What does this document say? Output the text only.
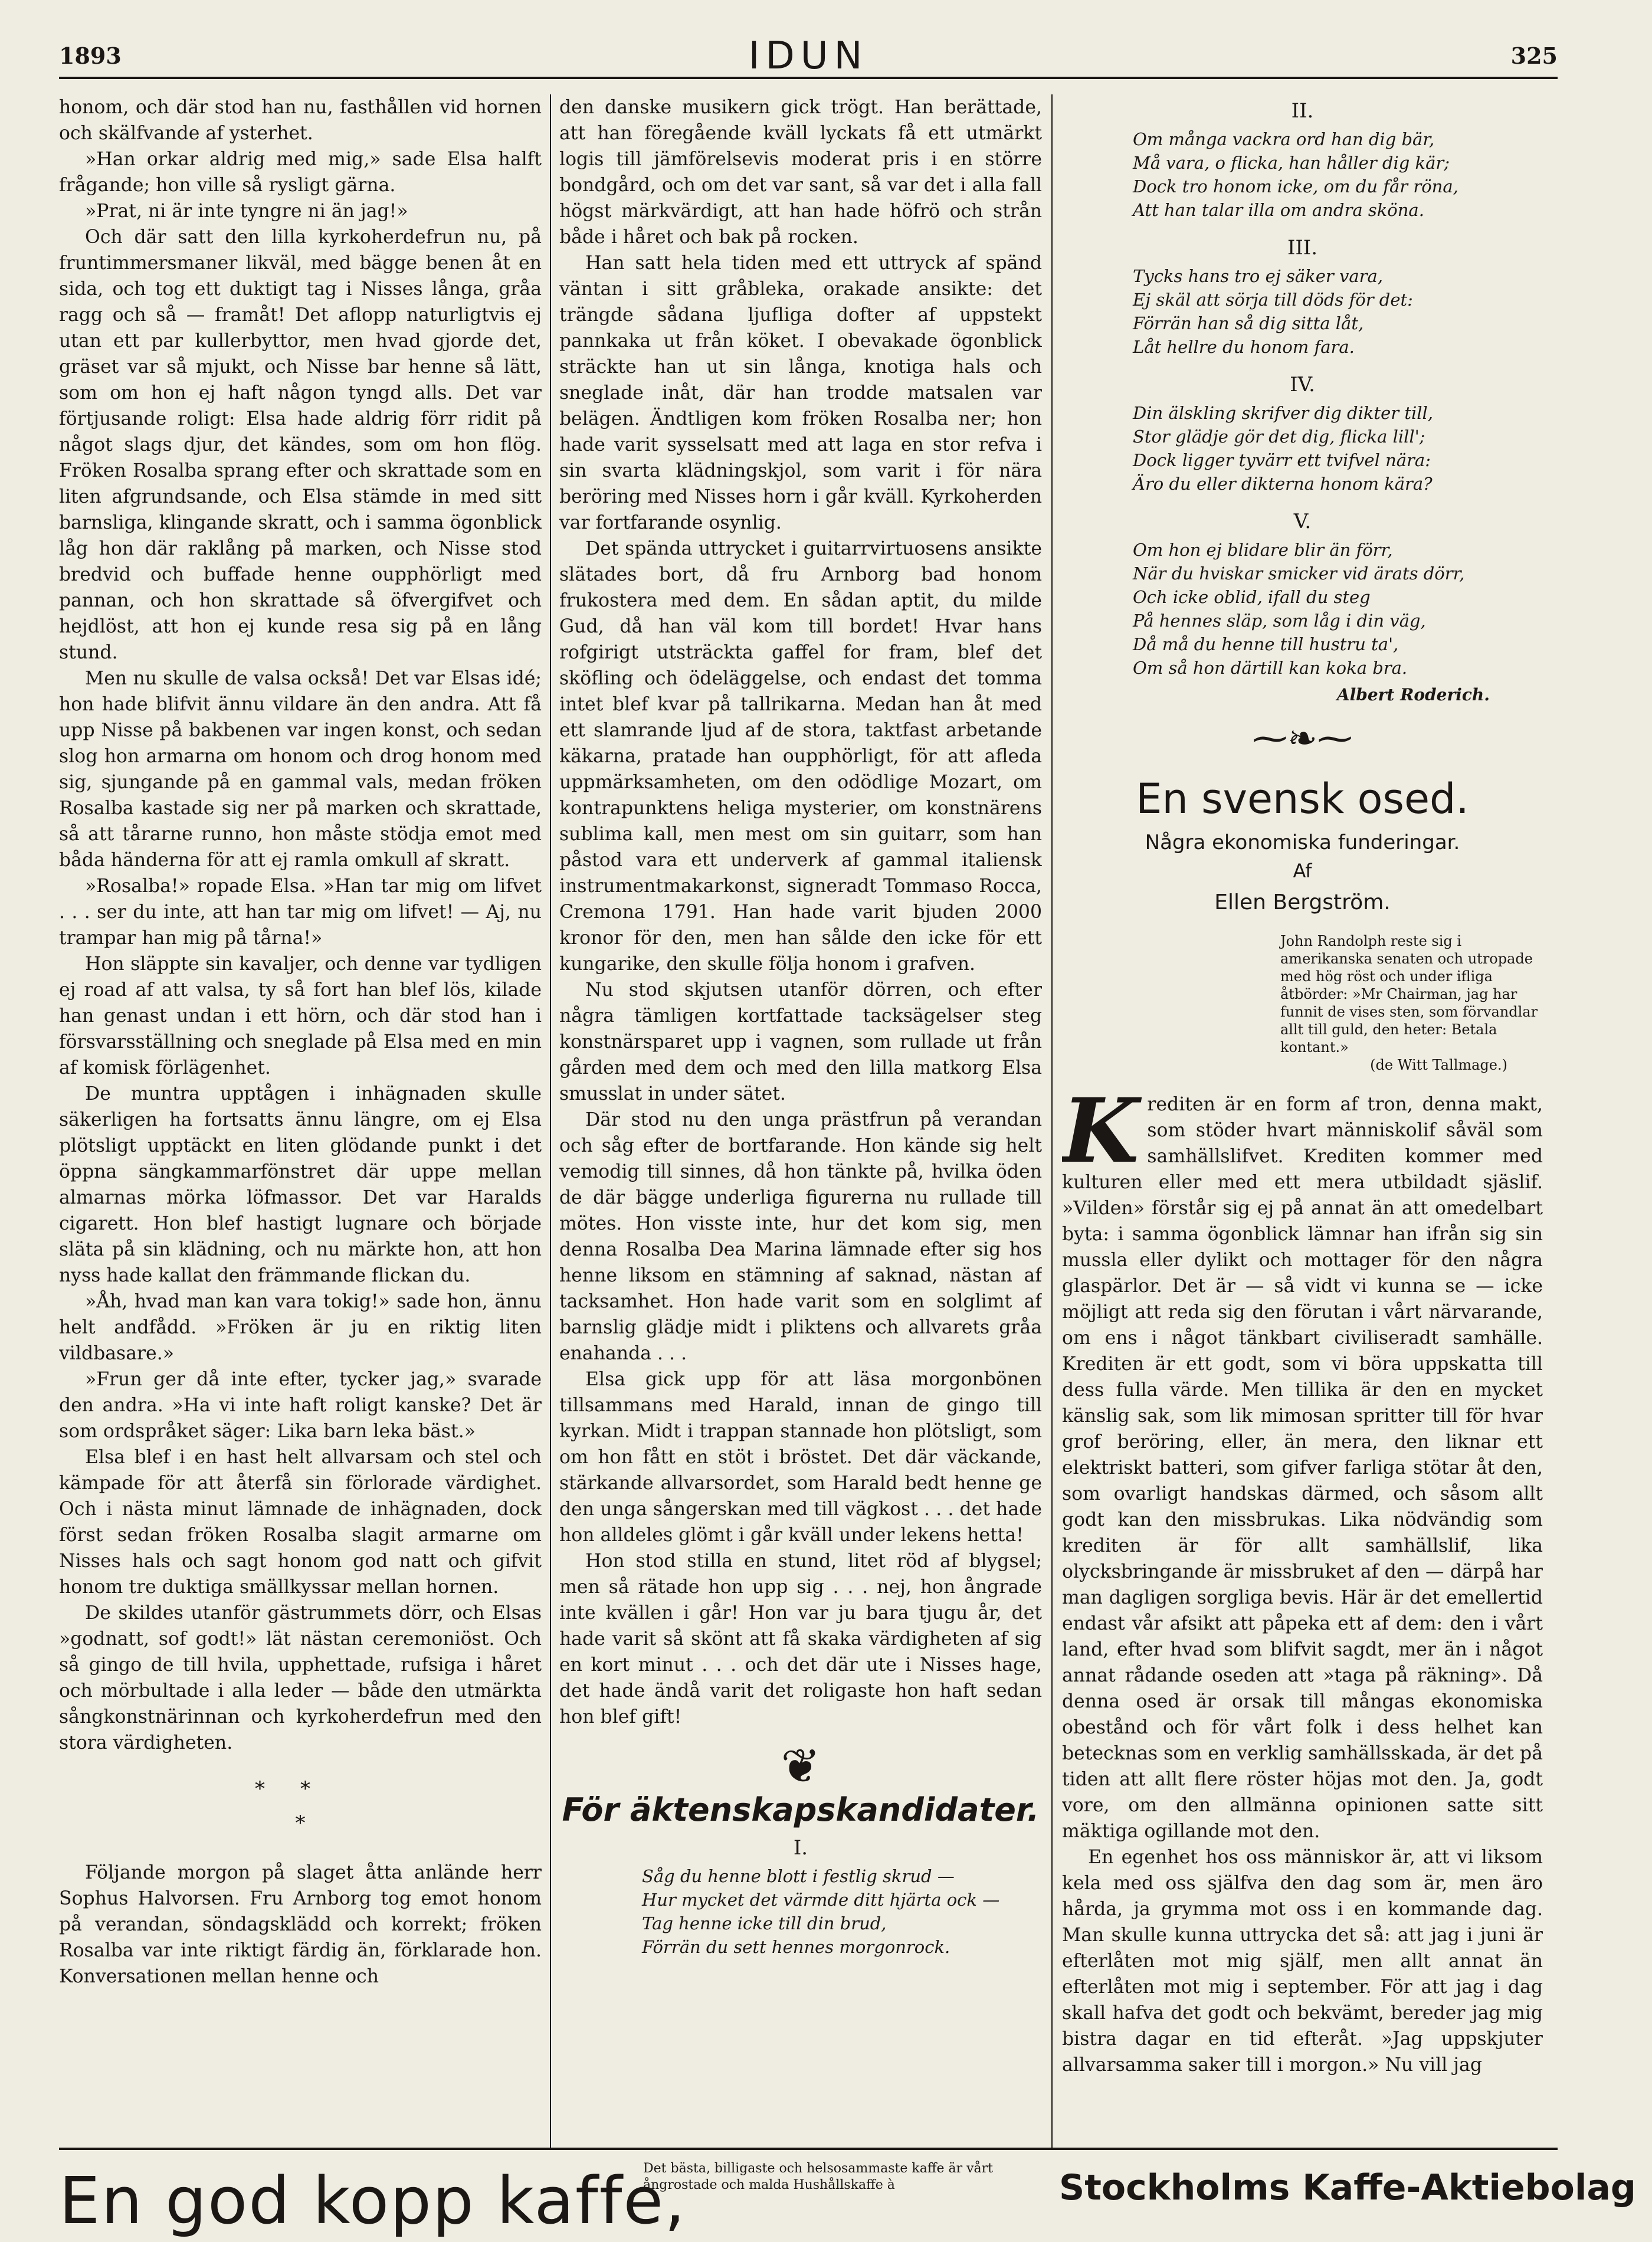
1893	IDUN	325

honom, och där stod han nu, fasthållen vid hornen och skälfvande af ysterhet.

»Han orkar aldrig med mig,» sade Elsa halft frågande; hon ville så rysligt gärna.

»Prat, ni är inte tyngre ni än jag!»

Och där satt den lilla kyrkoherdefrun nu, på fruntimmersmaner likväl, med bägge benen åt en sida, och tog ett duktigt tag i Nisses långa, gråa ragg och så — framåt! Det aflopp naturligtvis ej utan ett par kullerbyttor, men hvad gjorde det, gräset var så mjukt, och Nisse bar henne så lätt, som om hon ej haft någon tyngd alls. Det var förtjusande roligt: Elsa hade aldrig förr ridit på något slags djur, det kändes, som om hon flög. Fröken Rosalba sprang efter och skrattade som en liten afgrundsande, och Elsa stämde in med sitt barnsliga, klingande skratt, och i samma ögonblick låg hon där raklång på marken, och Nisse stod bredvid och buffade henne oupphörligt med pannan, och hon skrattade så öfvergifvet och hejdlöst, att hon ej kunde resa sig på en lång stund.

Men nu skulle de valsa också! Det var Elsas idé; hon hade blifvit ännu vildare än den andra. Att få upp Nisse på bakbenen var ingen konst, och sedan slog hon armarna om honom och drog honom med sig, sjungande på en gammal vals, medan fröken Rosalba kastade sig ner på marken och skrattade, så att tårarne runno, hon måste stödja emot med båda händerna för att ej ramla omkull af skratt.

»Rosalba!» ropade Elsa. »Han tar mig om lifvet . . . ser du inte, att han tar mig om lifvet! — Aj, nu trampar han mig på tårna!»

Hon släppte sin kavaljer, och denne var tydligen ej road af att valsa, ty så fort han blef lös, kilade han genast undan i ett hörn, och där stod han i försvarsställning och sneglade på Elsa med en min af komisk förlägenhet.

De muntra upptågen i inhägnaden skulle säkerligen ha fortsatts ännu längre, om ej Elsa plötsligt upptäckt en liten glödande punkt i det öppna sängkammarfönstret där uppe mellan almarnas mörka löfmassor. Det var Haralds cigarett. Hon blef hastigt lugnare och började släta på sin klädning, och nu märkte hon, att hon nyss hade kallat den främmande flickan du.

»Åh, hvad man kan vara tokig!» sade hon, ännu helt andfådd. »Fröken är ju en riktig liten vildbasare.»

»Frun ger då inte efter, tycker jag,» svarade den andra. »Ha vi inte haft roligt kanske? Det är som ordspråket säger: Lika barn leka bäst.»

Elsa blef i en hast helt allvarsam och stel och kämpade för att återfå sin förlorade värdighet. Och i nästa minut lämnade de inhägnaden, dock först sedan fröken Rosalba slagit armarne om Nisses hals och sagt honom god natt och gifvit honom tre duktiga smällkyssar mellan hornen.

De skildes utanför gästrummets dörr, och Elsas »godnatt, sof godt!» lät nästan ceremoniöst. Och så gingo de till hvila, upphettade, rufsiga i håret och mörbultade i alla leder — både den utmärkta sångkonstnärinnan och kyrkoherdefrun med den stora värdigheten.

**
*

Följande morgon på slaget åtta anlände herr Sophus Halvorsen. Fru Arnborg tog emot honom på verandan, söndagsklädd och korrekt; fröken Rosalba var inte riktigt färdig än, förklarade hon. Konversationen mellan henne och

den danske musikern gick trögt. Han berättade, att han föregående kväll lyckats få ett utmärkt logis till jämförelsevis moderat pris i en större bondgård, och om det var sant, så var det i alla fall högst märkvärdigt, att han hade höfrö och strån både i håret och bak på rocken.

Han satt hela tiden med ett uttryck af spänd väntan i sitt gråbleka, orakade ansikte: det trängde sådana ljufliga dofter af uppstekt pannkaka ut från köket. I obevakade ögonblick sträckte han ut sin långa, knotiga hals och sneglade inåt, där han trodde matsalen var belägen. Ändtligen kom fröken Rosalba ner; hon hade varit sysselsatt med att laga en stor refva i sin svarta klädningskjol, som varit i för nära beröring med Nisses horn i går kväll. Kyrkoherden var fortfarande osynlig.

Det spända uttrycket i guitarrvirtuosens ansikte slätades bort, då fru Arnborg bad honom frukostera med dem. En sådan aptit, du milde Gud, då han väl kom till bordet! Hvar hans rofgirigt utsträckta gaffel for fram, blef det sköfling och ödeläggelse, och endast det tomma intet blef kvar på tallrikarna. Medan han åt med ett slamrande ljud af de stora, taktfast arbetande käkarna, pratade han oupphörligt, för att afleda uppmärksamheten, om den odödlige Mozart, om kontrapunktens heliga mysterier, om konstnärens sublima kall, men mest om sin guitarr, som han påstod vara ett underverk af gammal italiensk instrumentmakarkonst, signeradt Tommaso Rocca, Cremona 1791. Han hade varit bjuden 2000 kronor för den, men han sålde den icke för ett kungarike, den skulle följa honom i grafven.

Nu stod skjutsen utanför dörren, och efter några tämligen kortfattade tacksägelser steg konstnärsparet upp i vagnen, som rullade ut från gården med dem och med den lilla matkorg Elsa smusslat in under sätet.

Där stod nu den unga prästfrun på verandan och såg efter de bortfarande. Hon kände sig helt vemodig till sinnes, då hon tänkte på, hvilka öden de där bägge underliga figurerna nu rullade till mötes. Hon visste inte, hur det kom sig, men denna Rosalba Dea Marina lämnade efter sig hos henne liksom en stämning af saknad, nästan af tacksamhet. Hon hade varit som en solglimt af barnslig glädje midt i pliktens och allvarets gråa enahanda . . .

Elsa gick upp för att läsa morgonbönen tillsammans med Harald, innan de gingo till kyrkan. Midt i trappan stannade hon plötsligt, som om hon fått en stöt i bröstet. Det där väckande, stärkande allvarsordet, som Harald bedt henne ge den unga sångerskan med till vägkost . . . det hade hon alldeles glömt i går kväll under lekens hetta!

Hon stod stilla en stund, litet röd af blygsel; men så rätade hon upp sig . . . nej, hon ångrade inte kvällen i går! Hon var ju bara tjugu år, det hade varit så skönt att få skaka värdigheten af sig en kort minut . . . och det där ute i Nisses hage, det hade ändå varit det roligaste hon haft sedan hon blef gift!

❦
För äktenskapskandidater.
I.
Såg du henne blott i festlig skrud —
Hur mycket det värmde ditt hjärta ock —
Tag henne icke till din brud,
Förrän du sett hennes morgonrock.
II.
Om många vackra ord han dig bär,
Må vara, o flicka, han håller dig kär;
Dock tro honom icke, om du får röna,
Att han talar illa om andra sköna.
III.
Tycks hans tro ej säker vara,
Ej skäl att sörja till döds för det:
Förrän han så dig sitta låt,
Låt hellre du honom fara.
IV.
Din älskling skrifver dig dikter till,
Stor glädje gör det dig, flicka lill';
Dock ligger tyvärr ett tvifvel nära:
Äro du eller dikterna honom kära?
V.
Om hon ej blidare blir än förr,
När du hviskar smicker vid ärats dörr,
Och icke oblid, ifall du steg
På hennes släp, som låg i din väg,
Då må du henne till hustru ta',
Om så hon därtill kan koka bra.
Albert Roderich.
⁓❧⁓
En svensk osed.
Några ekonomiska funderingar.
Af
Ellen Bergström.
John Randolph reste sig i amerikanska senaten och utropade med hög röst och under ifliga åtbörder: »Mr Chairman, jag har funnit de vises sten, som förvandlar allt till guld, den heter: Betala kontant.»
(de Witt Tallmage.)

Krediten är en form af tron, denna makt, som stöder hvart människolif såväl som samhällslifvet. Krediten kommer med kulturen eller med ett mera utbildadt sjäslif. »Vilden» förstår sig ej på annat än att omedelbart byta: i samma ögonblick lämnar han ifrån sig sin mussla eller dylikt och mottager för den några glaspärlor. Det är — så vidt vi kunna se — icke möjligt att reda sig den förutan i vårt närvarande, om ens i något tänkbart civiliseradt samhälle. Krediten är ett godt, som vi böra uppskatta till dess fulla värde. Men tillika är den en mycket känslig sak, som lik mimosan spritter till för hvar grof beröring, eller, än mera, den liknar ett elektriskt batteri, som gifver farliga stötar åt den, som ovarligt handskas därmed, och såsom allt godt kan den missbrukas. Lika nödvändig som krediten är för allt samhällslif, lika olycksbringande är missbruket af den — därpå har man dagligen sorgliga bevis. Här är det emellertid endast vår afsikt att påpeka ett af dem: den i vårt land, efter hvad som blifvit sagdt, mer än i något annat rådande oseden att »taga på räkning». Då denna osed är orsak till mångas ekonomiska obestånd och för vårt folk i dess helhet kan betecknas som en verklig samhällsskada, är det på tiden att allt flere röster höjas mot den. Ja, godt vore, om den allmänna opinionen satte sitt mäktiga ogillande mot den.

En egenhet hos oss människor är, att vi liksom kela med oss själfva den dag som är, men äro hårda, ja grymma mot oss i en kommande dag. Man skulle kunna uttrycka det så: att jag i juni är efterlåten mot mig själf, men allt annat än efterlåten mot mig i september. För att jag i dag skall hafva det godt och bekvämt, bereder jag mig bistra dagar en tid efteråt. »Jag uppskjuter allvarsamma saker till i morgon.» Nu vill jag

En god kopp kaffe,
Det bästa, billigaste och helsosammaste kaffe är vårt ångrostade och malda Hushållskaffe à	Stockholms Kaffe-Aktiebolag
